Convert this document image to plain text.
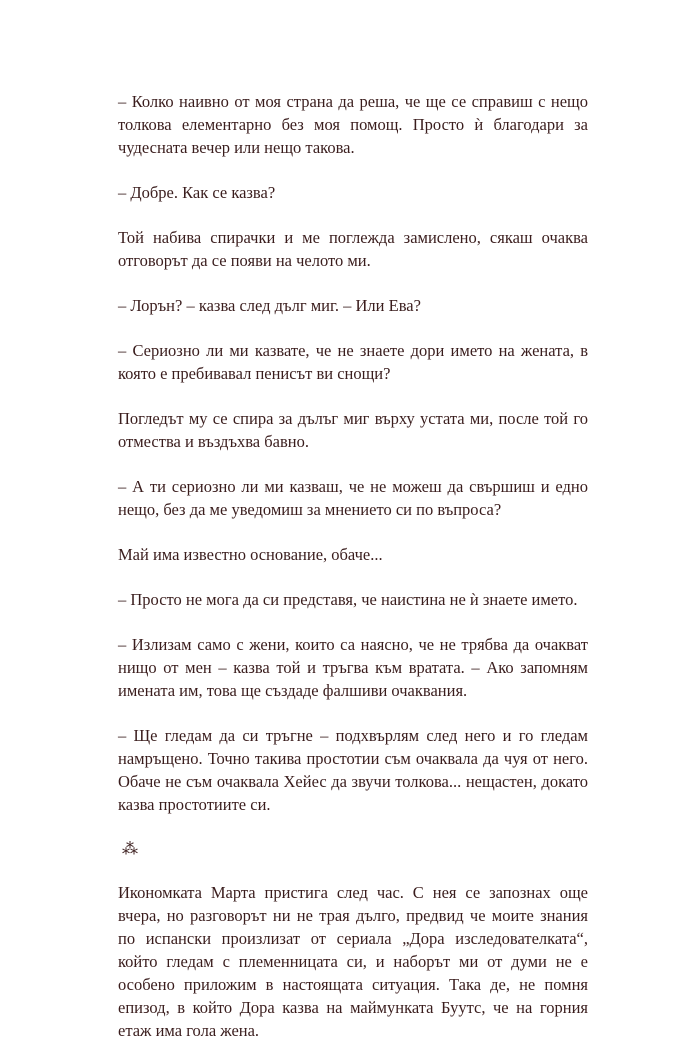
– Колко наивно от моя страна да реша, че ще се справиш с нещо толкова елементарно без моя помощ. Просто ѝ благодари за чудесната вечер или нещо такова.

– Добре. Как се казва?

Той набива спирачки и ме поглежда замислено, сякаш очаква отговорът да се появи на челото ми.

– Лорън? – казва след дълг миг. – Или Ева?

– Сериозно ли ми казвате, че не знаете дори името на жената, в която е пребивавал пенисът ви снощи?

Погледът му се спира за дълъг миг върху устата ми, после той го отмества и въздъхва бавно.

– А ти сериозно ли ми казваш, че не можеш да свършиш и едно нещо, без да ме уведомиш за мнението си по въпроса?

Май има известно основание, обаче...

– Просто не мога да си представя, че наистина не ѝ знаете името.

– Излизам само с жени, които са наясно, че не трябва да очакват нищо от мен – казва той и тръгва към вратата. – Ако запомням имената им, това ще създаде фалшиви очаквания.

– Ще гледам да си тръгне – подхвърлям след него и го гледам намръщено. Точно такива простотии съм очаквала да чуя от него. Обаче не съм очаквала Хейес да звучи толкова... нещастен, докато казва простотиите си.

⁂

Икономката Марта пристига след час. С нея се запознах още вчера, но разговорът ни не трая дълго, предвид че моите знания по испански произлизат от сериала „Дора изследователката“, който гледам с племенницата си, и наборът ми от думи не е особено приложим в настоящата ситуация. Така де, не помня епизод, в който Дора казва на маймунката Буутс, че на горния етаж има гола жена.
